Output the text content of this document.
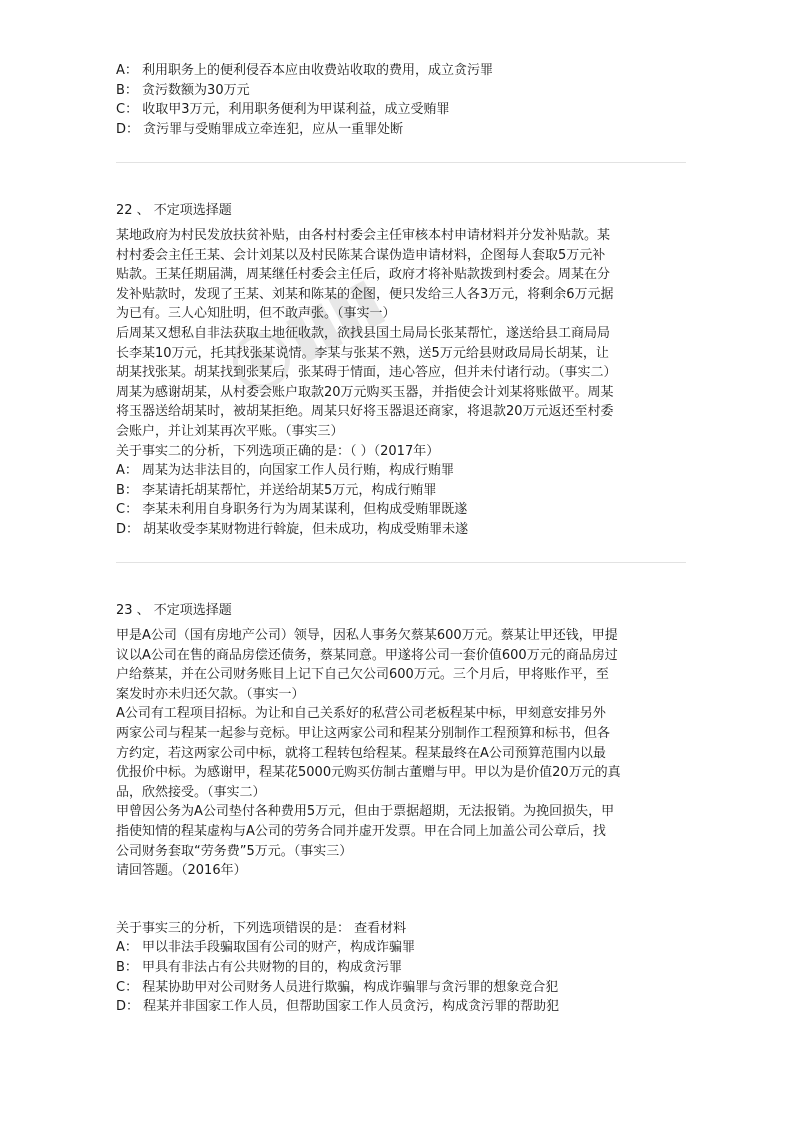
A： 利用职务上的便利侵吞本应由收费站收取的费用，成立贪污罪
B： 贪污数额为30万元
C： 收取甲3万元，利用职务便利为甲谋利益，成立受贿罪
D： 贪污罪与受贿罪成立牵连犯，应从一重罪处断
22 、 不定项选择题
某地政府为村民发放扶贫补贴，由各村村委会主任审核本村申请材料并分发补贴款。某
村村委会主任王某、会计刘某以及村民陈某合谋伪造申请材料，企图每人套取5万元补
贴款。王某任期届满，周某继任村委会主任后，政府才将补贴款拨到村委会。周某在分
发补贴款时，发现了王某、刘某和陈某的企图，便只发给三人各3万元，将剩余6万元据
为已有。三人心知肚明，但不敢声张。（事实一）
后周某又想私自非法获取土地征收款，欲找县国土局局长张某帮忙，遂送给县工商局局
长李某10万元，托其找张某说情。李某与张某不熟，送5万元给县财政局局长胡某，让
胡某找张某。胡某找到张某后，张某碍于情面，违心答应，但并未付诸行动。（事实二）
周某为感谢胡某，从村委会账户取款20万元购买玉器，并指使会计刘某将账做平。周某
将玉器送给胡某时，被胡某拒绝。周某只好将玉器退还商家，将退款20万元返还至村委
会账户，并让刘某再次平账。（事实三）
关于事实二的分析，下列选项正确的是：（ ）（2017年）
A： 周某为达非法目的，向国家工作人员行贿，构成行贿罪
B： 李某请托胡某帮忙，并送给胡某5万元，构成行贿罪
C： 李某未利用自身职务行为为周某谋利，但构成受贿罪既遂
D： 胡某收受李某财物进行斡旋，但未成功，构成受贿罪未遂
23 、 不定项选择题
甲是A公司（国有房地产公司）领导，因私人事务欠蔡某600万元。蔡某让甲还钱，甲提
议以A公司在售的商品房偿还债务，蔡某同意。甲遂将公司一套价值600万元的商品房过
户给蔡某，并在公司财务账目上记下自己欠公司600万元。三个月后，甲将账作平，至
案发时亦未归还欠款。（事实一）
A公司有工程项目招标。为让和自己关系好的私营公司老板程某中标，甲刻意安排另外
两家公司与程某一起参与竞标。甲让这两家公司和程某分别制作工程预算和标书，但各
方约定，若这两家公司中标，就将工程转包给程某。程某最终在A公司预算范围内以最
优报价中标。为感谢甲，程某花5000元购买仿制古董赠与甲。甲以为是价值20万元的真
品，欣然接受。（事实二）
甲曾因公务为A公司垫付各种费用5万元，但由于票据超期，无法报销。为挽回损失，甲
指使知情的程某虚构与A公司的劳务合同并虚开发票。甲在合同上加盖公司公章后，找
公司财务套取“劳务费”5万元。（事实三）
请回答题。（2016年）
关于事实三的分析，下列选项错误的是： 查看材料
A： 甲以非法手段骗取国有公司的财产，构成诈骗罪
B： 甲具有非法占有公共财物的目的，构成贪污罪
C： 程某协助甲对公司财务人员进行欺骗，构成诈骗罪与贪污罪的想象竞合犯
D： 程某并非国家工作人员，但帮助国家工作人员贪污，构成贪污罪的帮助犯
